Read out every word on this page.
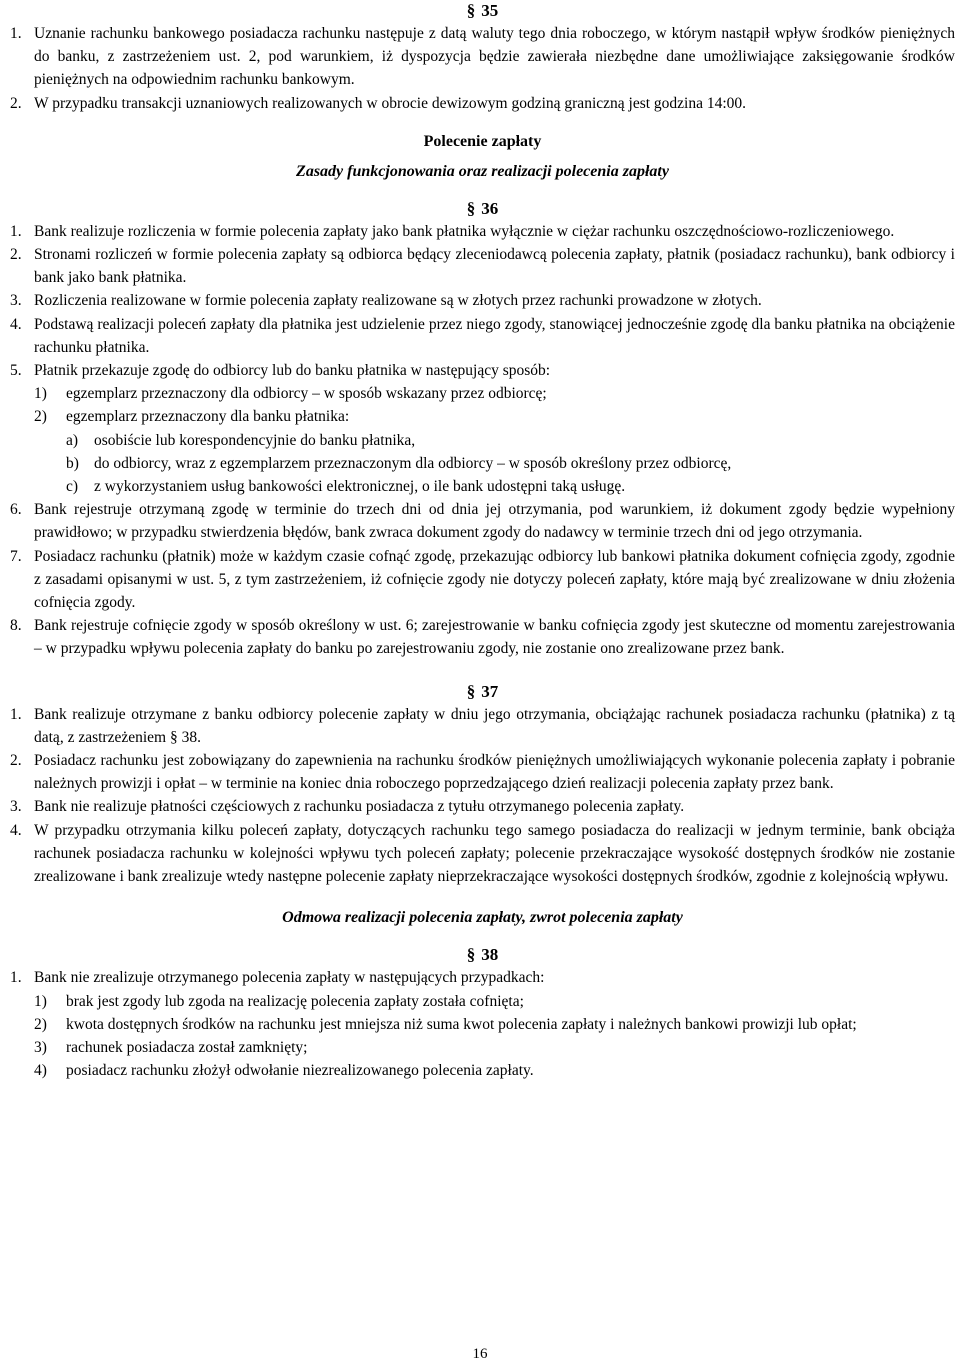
§ 35

1. Uznanie rachunku bankowego posiadacza rachunku następuje z datą waluty tego dnia roboczego, w którym nastąpił wpływ środków pieniężnych do banku, z zastrzeżeniem ust. 2, pod warunkiem, iż dyspozycja będzie zawierała niezbędne dane umożliwiające zaksięgowanie środków pieniężnych na odpowiednim rachunku bankowym.
2. W przypadku transakcji uznaniowych realizowanych w obrocie dewizowym godziną graniczną jest godzina 14:00.

Polecenie zapłaty

Zasady funkcjonowania oraz realizacji polecenia zapłaty

§ 36

1. Bank realizuje rozliczenia w formie polecenia zapłaty jako bank płatnika wyłącznie w ciężar rachunku oszczędnościowo-rozliczeniowego.
2. Stronami rozliczeń w formie polecenia zapłaty są odbiorca będący zleceniodawcą polecenia zapłaty, płatnik (posiadacz rachunku), bank odbiorcy i bank jako bank płatnika.
3. Rozliczenia realizowane w formie polecenia zapłaty realizowane są w złotych przez rachunki prowadzone w złotych.
4. Podstawą realizacji poleceń zapłaty dla płatnika jest udzielenie przez niego zgody, stanowiącej jednocześnie zgodę dla banku płatnika na obciążenie rachunku płatnika.
5. Płatnik przekazuje zgodę do odbiorcy lub do banku płatnika w następujący sposób:
1)	egzemplarz przeznaczony dla odbiorcy – w sposób wskazany przez odbiorcę;
2)	egzemplarz przeznaczony dla banku płatnika:
a)	osobiście lub korespondencyjnie do banku płatnika,
b) do odbiorcy, wraz z egzemplarzem przeznaczonym dla odbiorcy – w sposób określony przez odbiorcę,
c)	z wykorzystaniem usług bankowości elektronicznej, o ile bank udostępni taką usługę.
6. Bank rejestruje otrzymaną zgodę w terminie do trzech dni od dnia jej otrzymania, pod warunkiem, iż dokument zgody będzie wypełniony prawidłowo; w przypadku stwierdzenia błędów, bank zwraca dokument zgody do nadawcy w terminie trzech dni od jego otrzymania.
7. Posiadacz rachunku (płatnik) może w każdym czasie cofnąć zgodę, przekazując odbiorcy lub bankowi płatnika dokument cofnięcia zgody, zgodnie z zasadami opisanymi w ust. 5, z tym zastrzeżeniem, iż cofnięcie zgody nie dotyczy poleceń zapłaty, które mają być zrealizowane w dniu złożenia cofnięcia zgody.
8. Bank rejestruje cofnięcie zgody w sposób określony w ust. 6; zarejestrowanie w banku cofnięcia zgody jest skuteczne od momentu zarejestrowania – w przypadku wpływu polecenia zapłaty do banku po zarejestrowaniu zgody, nie zostanie ono zrealizowane przez bank.

§ 37

1. Bank realizuje otrzymane z banku odbiorcy polecenie zapłaty w dniu jego otrzymania, obciążając rachunek posiadacza rachunku (płatnika) z tą datą, z zastrzeżeniem § 38.
2. Posiadacz rachunku jest zobowiązany do zapewnienia na rachunku środków pieniężnych umożliwiających wykonanie polecenia zapłaty i pobranie należnych prowizji i opłat – w terminie na koniec dnia roboczego poprzedzającego dzień realizacji polecenia zapłaty przez bank.
3. Bank nie realizuje płatności częściowych z rachunku posiadacza z tytułu otrzymanego polecenia zapłaty.
4. W przypadku otrzymania kilku poleceń zapłaty, dotyczących rachunku tego samego posiadacza do realizacji w jednym terminie, bank obciąża rachunek posiadacza rachunku w kolejności wpływu tych poleceń zapłaty; polecenie przekraczające wysokość dostępnych środków nie zostanie zrealizowane i bank zrealizuje wtedy następne polecenie zapłaty nieprzekraczające wysokości dostępnych środków, zgodnie z kolejnością wpływu.

Odmowa realizacji polecenia zapłaty, zwrot polecenia zapłaty

§ 38

1. Bank nie zrealizuje otrzymanego polecenia zapłaty w następujących przypadkach:
1)	brak jest zgody lub zgoda na realizację polecenia zapłaty została cofnięta;
2)	kwota dostępnych środków na rachunku jest mniejsza niż suma kwot polecenia zapłaty i należnych bankowi prowizji lub opłat;
3)	rachunek posiadacza został zamknięty;
4)	posiadacz rachunku złożył odwołanie niezrealizowanego polecenia zapłaty.
16
